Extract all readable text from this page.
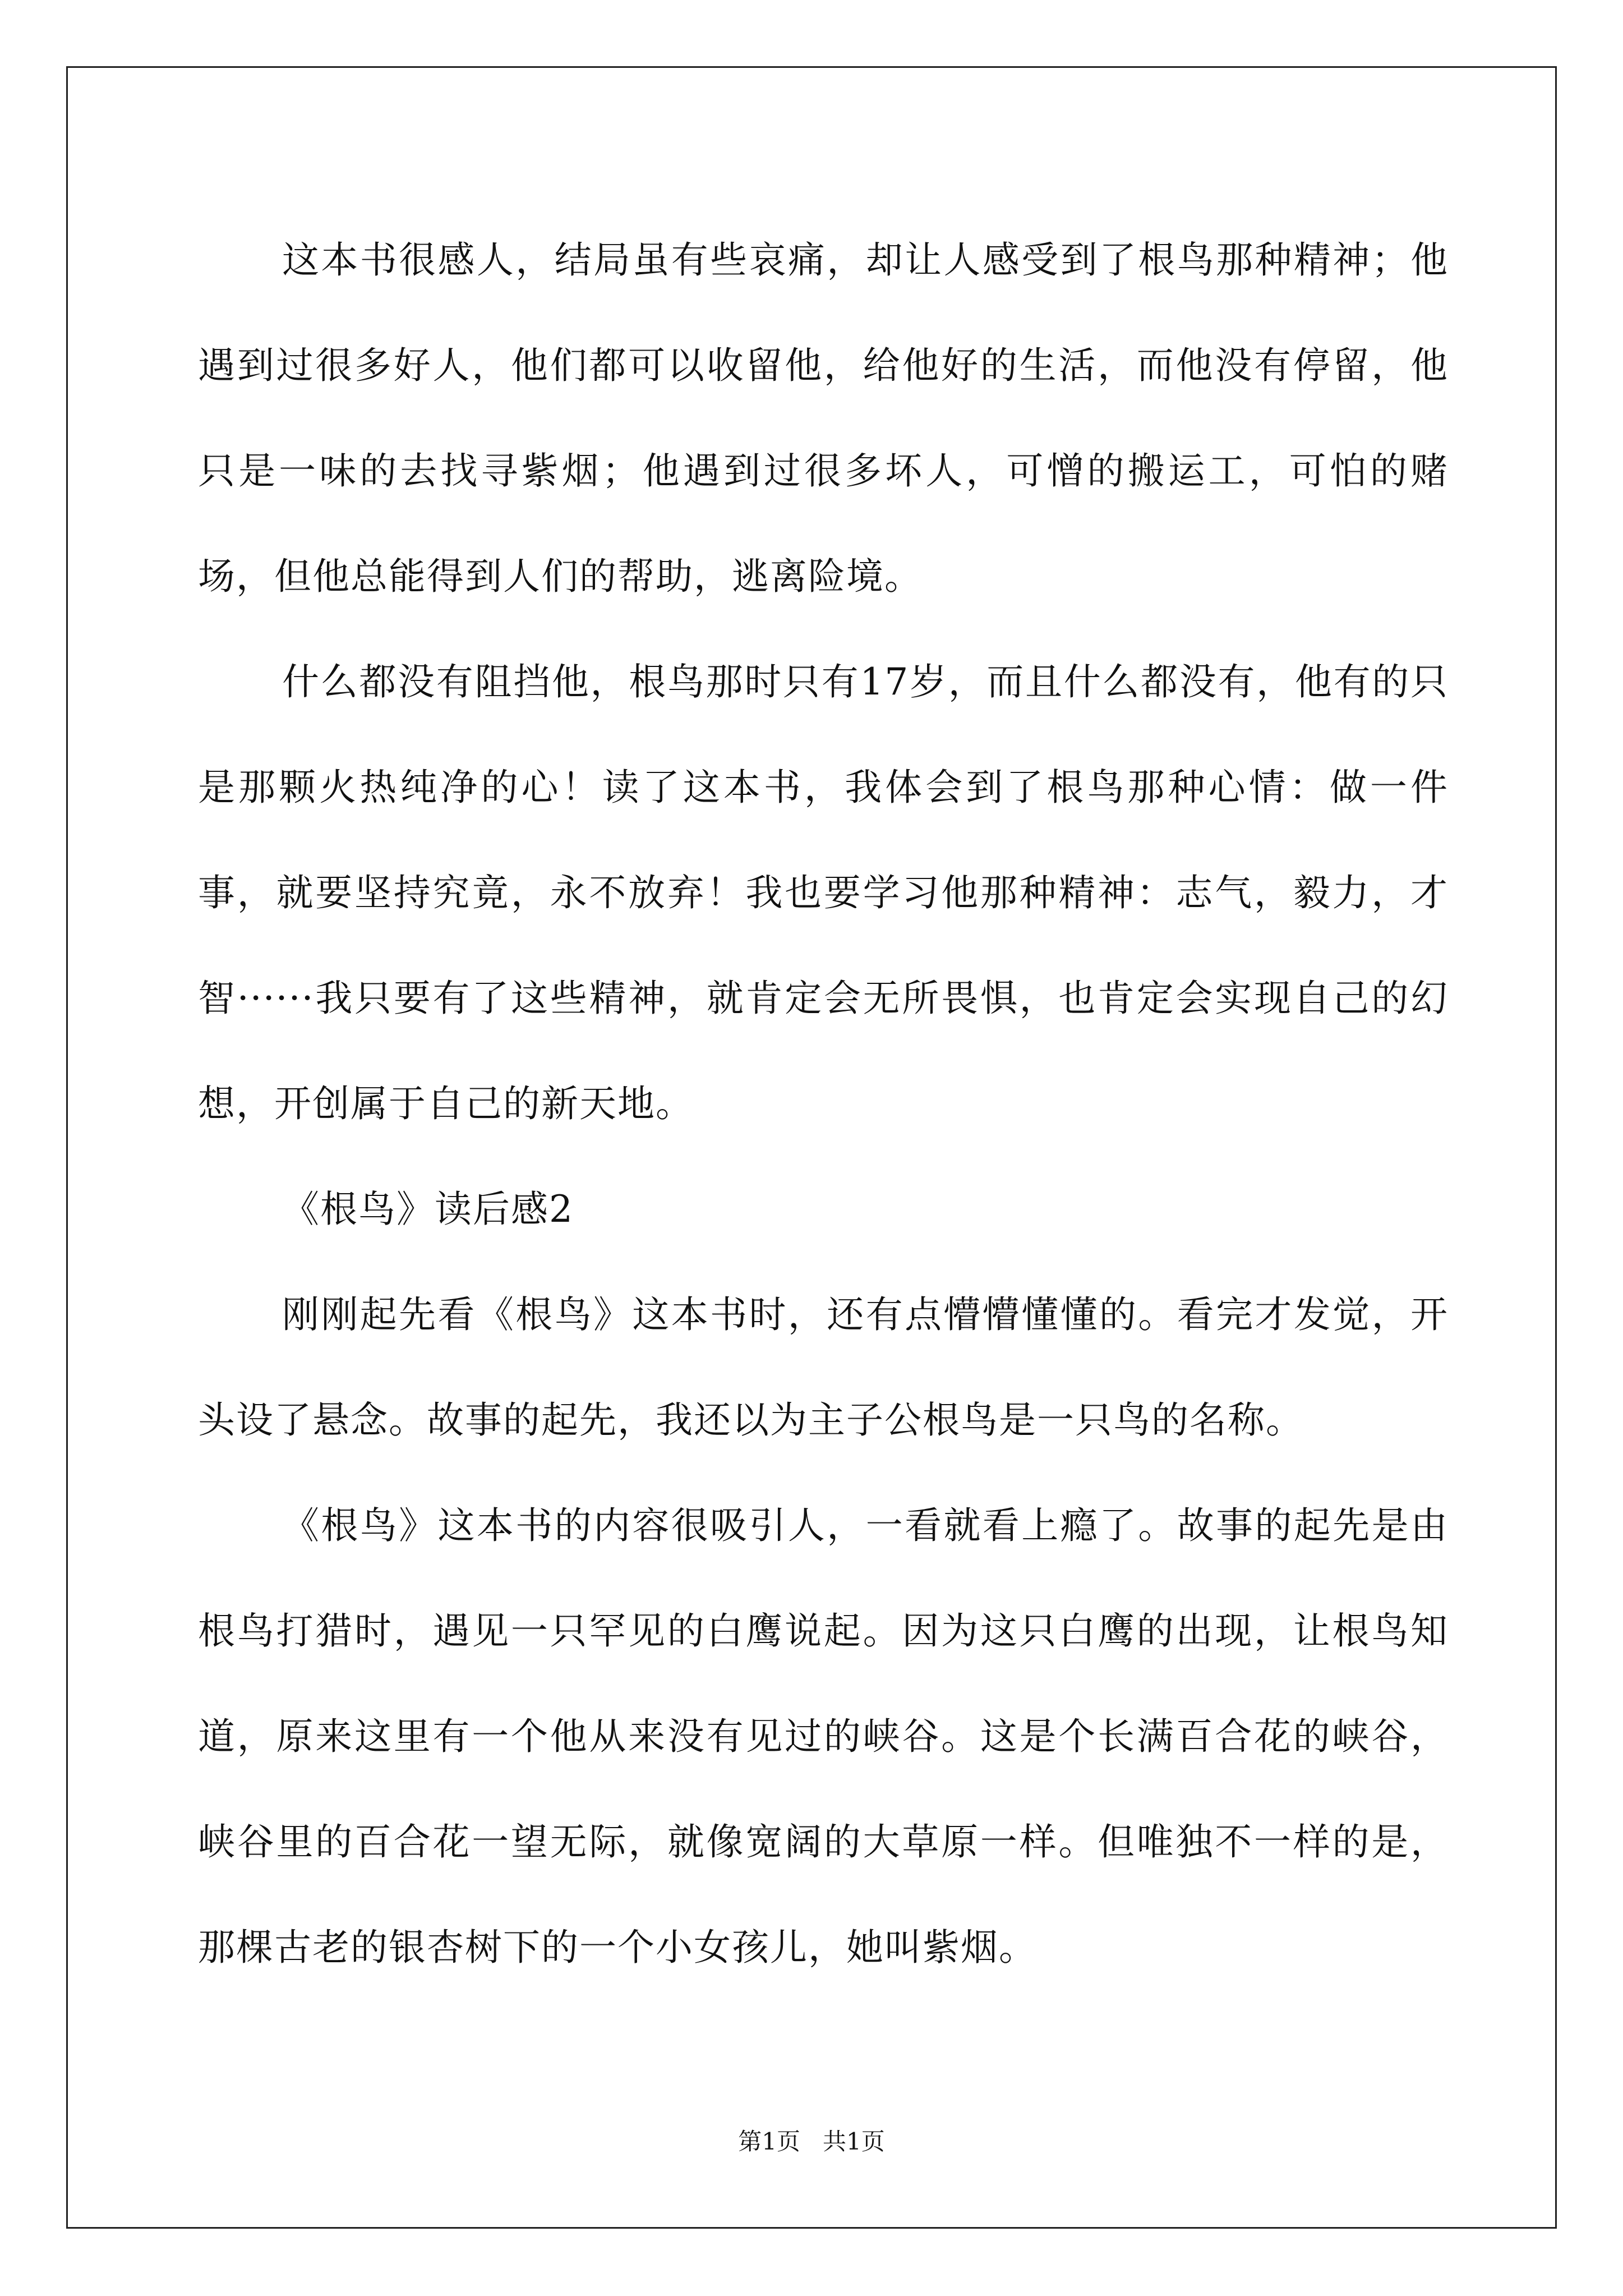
这本书很感人，结局虽有些哀痛，却让人感受到了根鸟那种精神；他遇到过很多好人，他们都可以收留他，给他好的生活，而他没有停留，他只是一味的去找寻紫烟；他遇到过很多坏人，可憎的搬运工，可怕的赌场，但他总能得到人们的帮助，逃离险境。

什么都没有阻挡他，根鸟那时只有17岁，而且什么都没有，他有的只是那颗火热纯净的心！读了这本书，我体会到了根鸟那种心情：做一件事，就要坚持究竟，永不放弃！我也要学习他那种精神：志气，毅力，才智······我只要有了这些精神，就肯定会无所畏惧，也肯定会实现自己的幻想，开创属于自己的新天地。

《根鸟》读后感2

刚刚起先看《根鸟》这本书时，还有点懵懵懂懂的。看完才发觉，开头设了悬念。故事的起先，我还以为主子公根鸟是一只鸟的名称。

《根鸟》这本书的内容很吸引人，一看就看上瘾了。故事的起先是由根鸟打猎时，遇见一只罕见的白鹰说起。因为这只白鹰的出现，让根鸟知道，原来这里有一个他从来没有见过的峡谷。这是个长满百合花的峡谷，峡谷里的百合花一望无际，就像宽阔的大草原一样。但唯独不一样的是，那棵古老的银杏树下的一个小女孩儿，她叫紫烟。

第1页   共1页
